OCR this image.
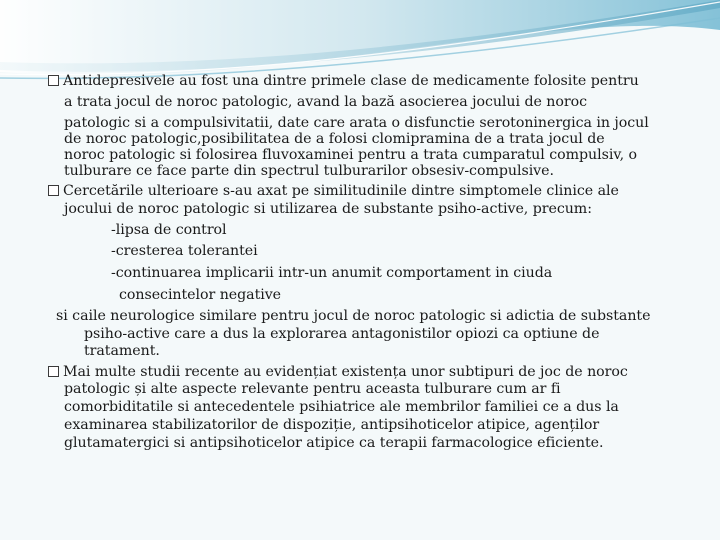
Antidepresivele au fost una dintre primele clase de medicamente folosite pentru
a trata jocul de noroc patologic, avand la bază asocierea jocului de noroc
patologic si a compulsivitatii, date care arata o disfunctie serotoninergica in jocul
de noroc patologic,posibilitatea de a folosi clomipramina de a trata jocul de
noroc patologic si folosirea fluvoxaminei pentru a trata cumparatul compulsiv, o
tulburare ce face parte din spectrul tulburarilor obsesiv-compulsive.
Cercetările ulterioare s-au axat pe similitudinile dintre simptomele clinice ale
jocului de noroc patologic si utilizarea de substante psiho-active, precum:
-lipsa de control
-cresterea tolerantei
-continuarea implicarii intr-un anumit comportament in ciuda
consecintelor negative
si caile neurologice similare pentru jocul de noroc patologic si adictia de substante
psiho-active care a dus la explorarea antagonistilor opiozi ca optiune de
tratament.
Mai multe studii recente au evidențiat existența unor subtipuri de joc de noroc
patologic și alte aspecte relevante pentru aceasta tulburare cum ar fi
comorbiditatile si antecedentele psihiatrice ale membrilor familiei ce a dus la
examinarea stabilizatorilor de dispoziție, antipsihoticelor atipice, agenților
glutamatergici si antipsihoticelor atipice ca terapii farmacologice eficiente.
